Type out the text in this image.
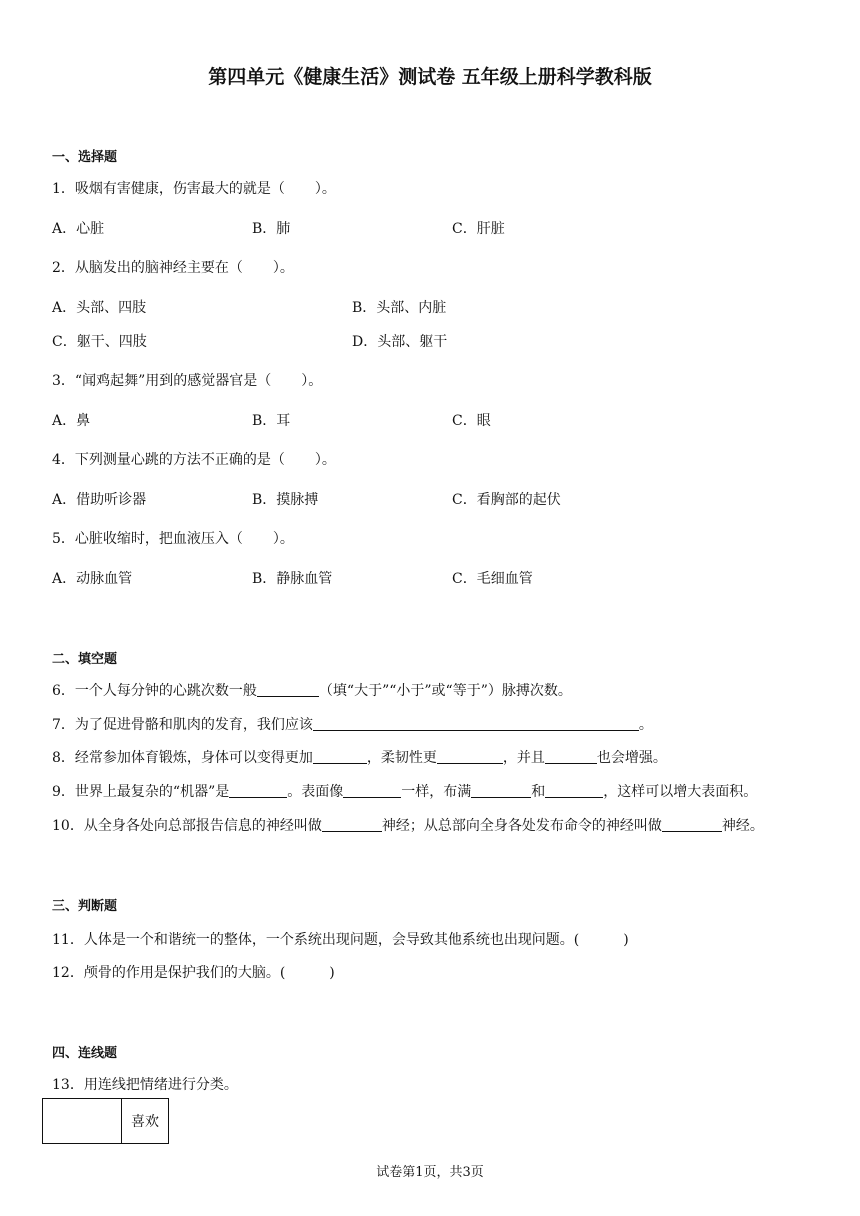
第四单元《健康生活》测试卷 五年级上册科学教科版
一、选择题
1．吸烟有害健康，伤害最大的就是（ ）。
A．心脏	B．肺	C．肝脏
2．从脑发出的脑神经主要在（ ）。
A．头部、四肢	B．头部、内脏
C．躯干、四肢	D．头部、躯干
3．“闻鸡起舞”用到的感觉器官是（ ）。
A．鼻	B．耳	C．眼
4．下列测量心跳的方法不正确的是（ ）。
A．借助听诊器	B．摸脉搏	C．看胸部的起伏
5．心脏收缩时，把血液压入（ ）。
A．动脉血管	B．静脉血管	C．毛细血管
二、填空题
6．一个人每分钟的心跳次数一般	（填“大于”“小于”或“等于”）脉搏次数。
7．为了促进骨骼和肌肉的发育，我们应该	。
8．经常参加体育锻炼，身体可以变得更加	，柔韧性更	，并且	也会增强。
9．世界上最复杂的“机器”是	。表面像	一样，布满	和	，这样可以增大表面积。
10．从全身各处向总部报告信息的神经叫做	神经；从总部向全身各处发布命令的神经叫做	神经。
三、判断题
11．人体是一个和谐统一的整体，一个系统出现问题，会导致其他系统也出现问题。(	)
12．颅骨的作用是保护我们的大脑。(	)
四、连线题
13．用连线把情绪进行分类。
	喜欢
试卷第1页，共3页
